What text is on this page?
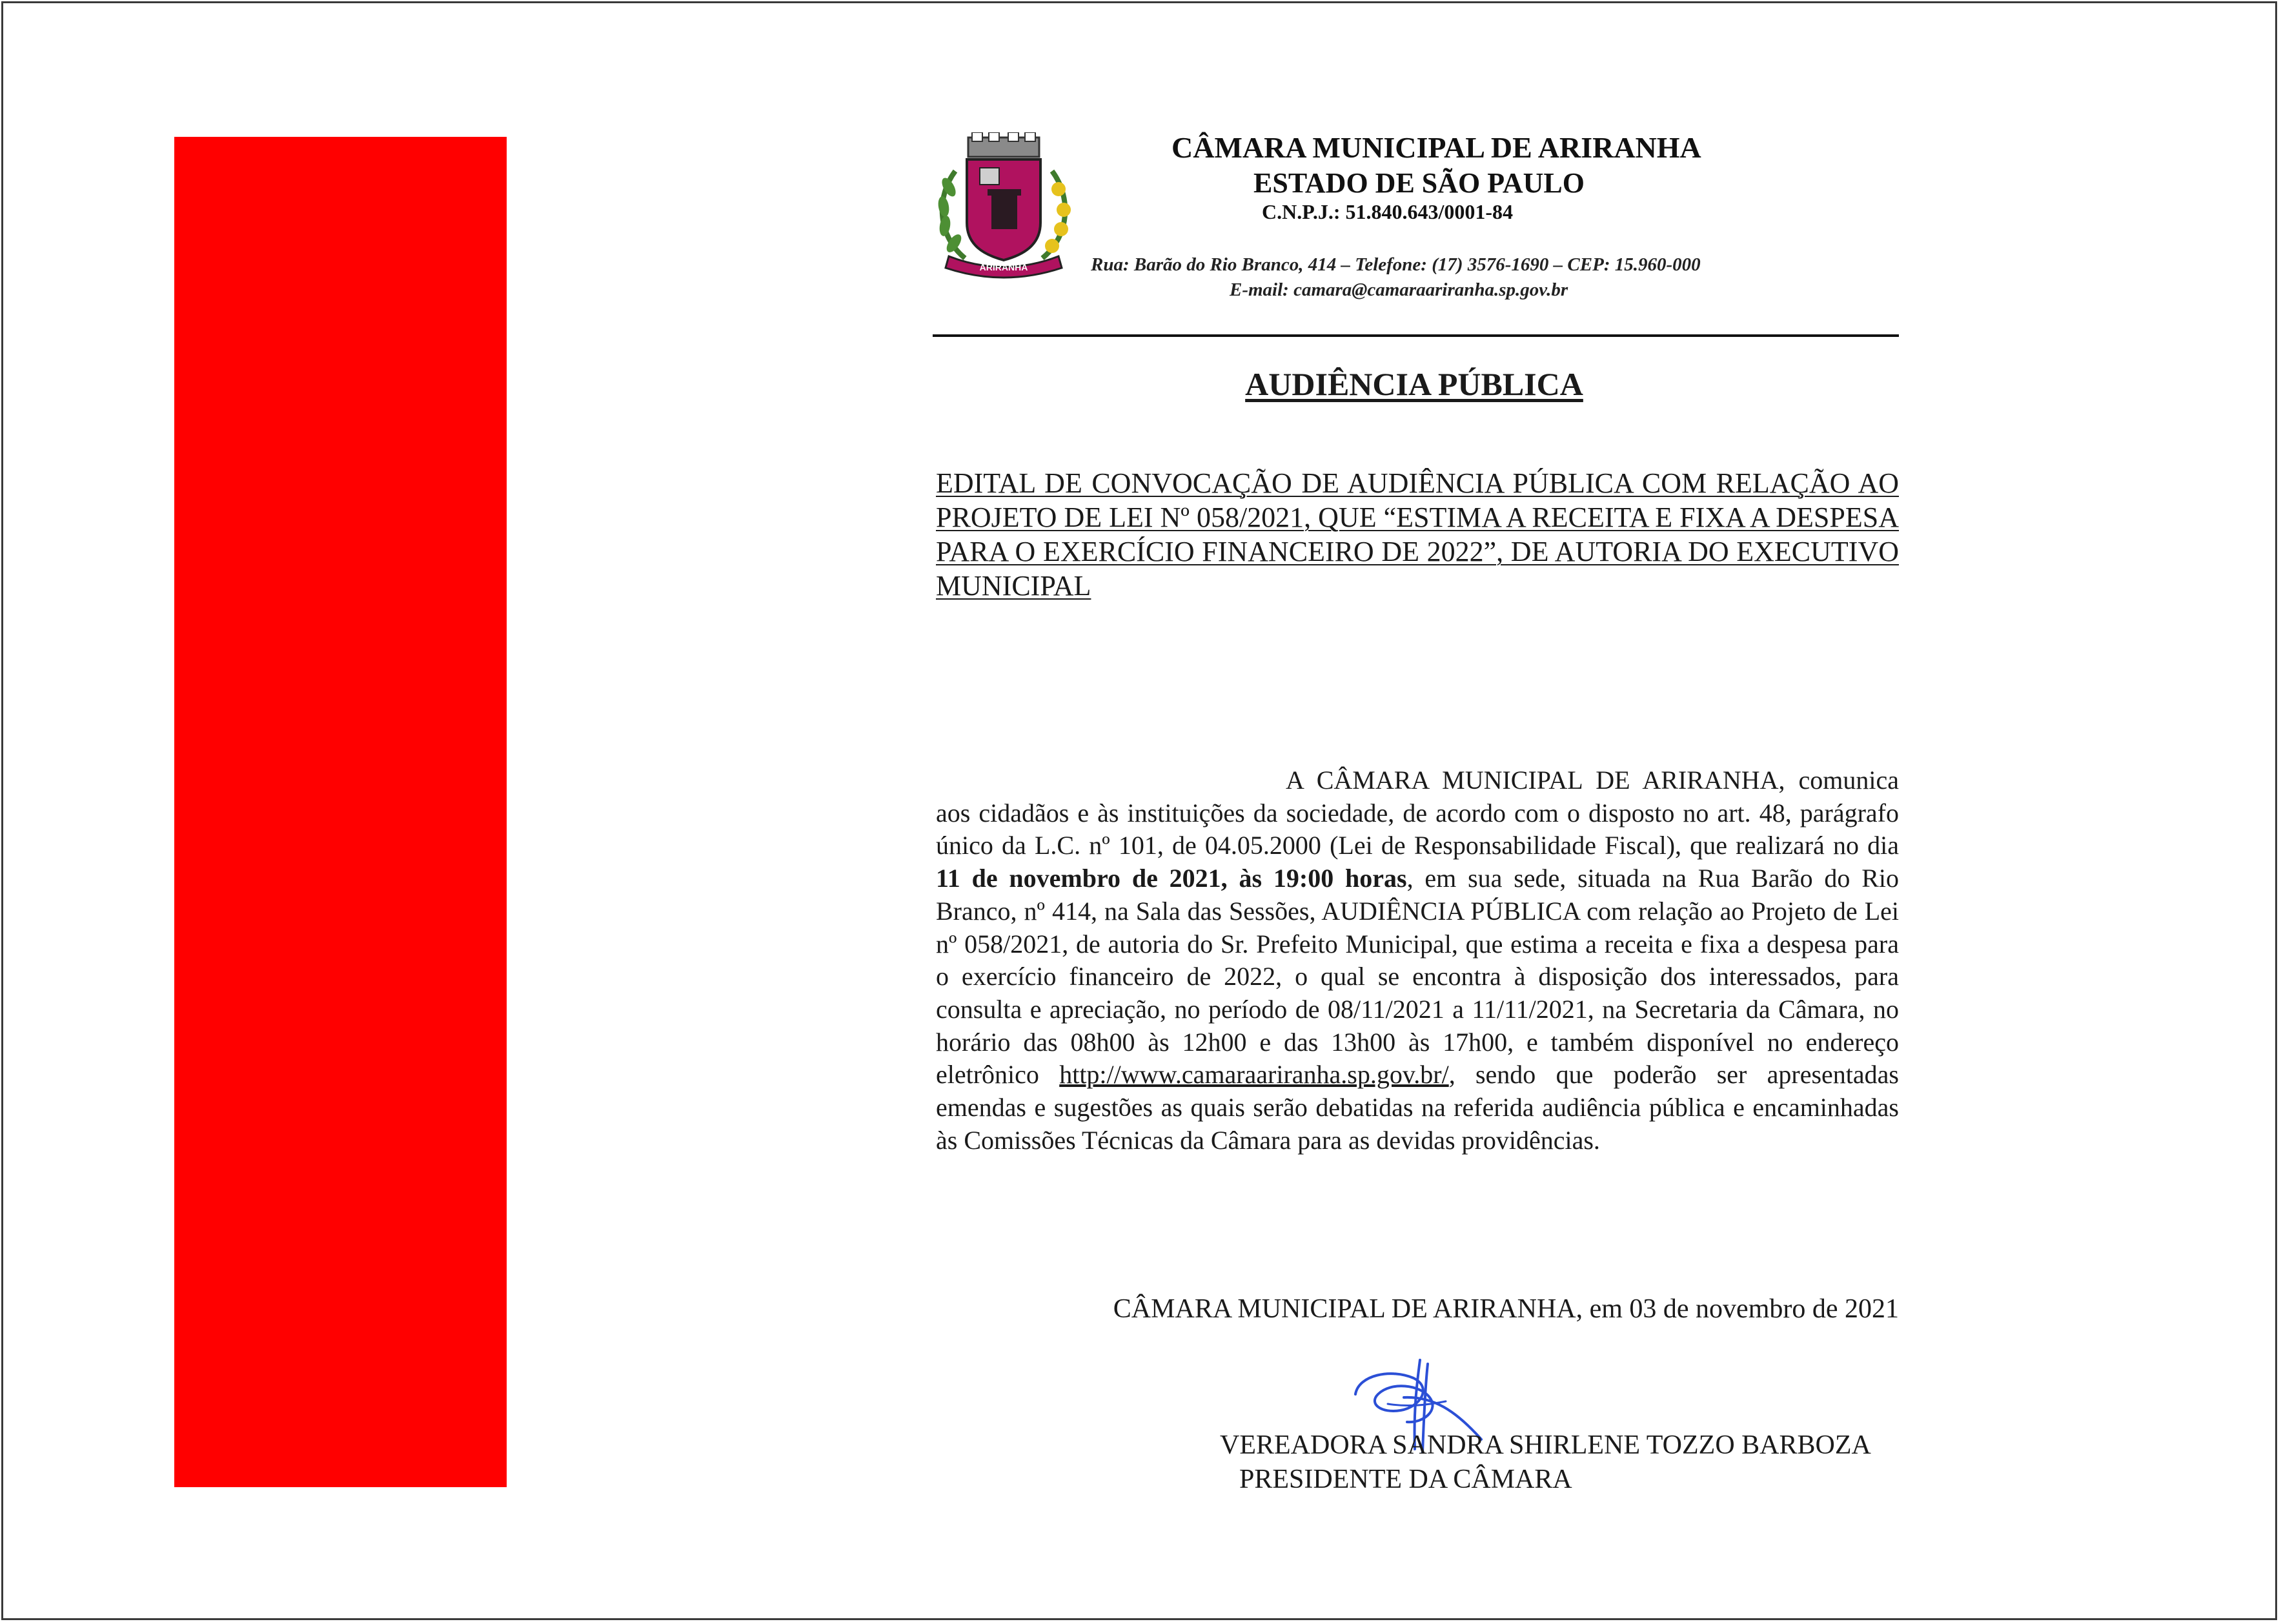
ARIRANHA
CÂMARA MUNICIPAL DE ARIRANHA
ESTADO DE SÃO PAULO
C.N.P.J.: 51.840.643/0001-84
Rua: Barão do Rio Branco, 414 – Telefone: (17) 3576-1690 – CEP: 15.960-000
E-mail: camara@camaraariranha.sp.gov.br
AUDIÊNCIA PÚBLICA
EDITAL DE CONVOCAÇÃO DE AUDIÊNCIA PÚBLICA COM RELAÇÃO AO PROJETO DE LEI Nº 058/2021, QUE “ESTIMA A RECEITA E FIXA A DESPESA PARA O EXERCÍCIO FINANCEIRO DE 2022”, DE AUTORIA DO EXECUTIVO MUNICIPAL
A CÂMARA MUNICIPAL DE ARIRANHA, comunica aos cidadãos e às instituições da sociedade, de acordo com o disposto no art. 48, parágrafo único da L.C. nº 101, de 04.05.2000 (Lei de Responsabilidade Fiscal), que realizará no dia 11 de novembro de 2021, às 19:00 horas, em sua sede, situada na Rua Barão do Rio Branco, nº 414, na Sala das Sessões, AUDIÊNCIA PÚBLICA com relação ao Projeto de Lei nº 058/2021, de autoria do Sr. Prefeito Municipal, que estima a receita e fixa a despesa para o exercício financeiro de 2022, o qual se encontra à disposição dos interessados, para consulta e apreciação, no período de 08/11/2021 a 11/11/2021, na Secretaria da Câmara, no horário das 08h00 às 12h00 e das 13h00 às 17h00, e também disponível no endereço eletrônico http://www.camaraariranha.sp.gov.br/, sendo que poderão ser apresentadas emendas e sugestões as quais serão debatidas na referida audiência pública e encaminhadas às Comissões Técnicas da Câmara para as devidas providências.
CÂMARA MUNICIPAL DE ARIRANHA, em 03 de novembro de 2021
VEREADORA SANDRA SHIRLENE TOZZO BARBOZA
PRESIDENTE DA CÂMARA
